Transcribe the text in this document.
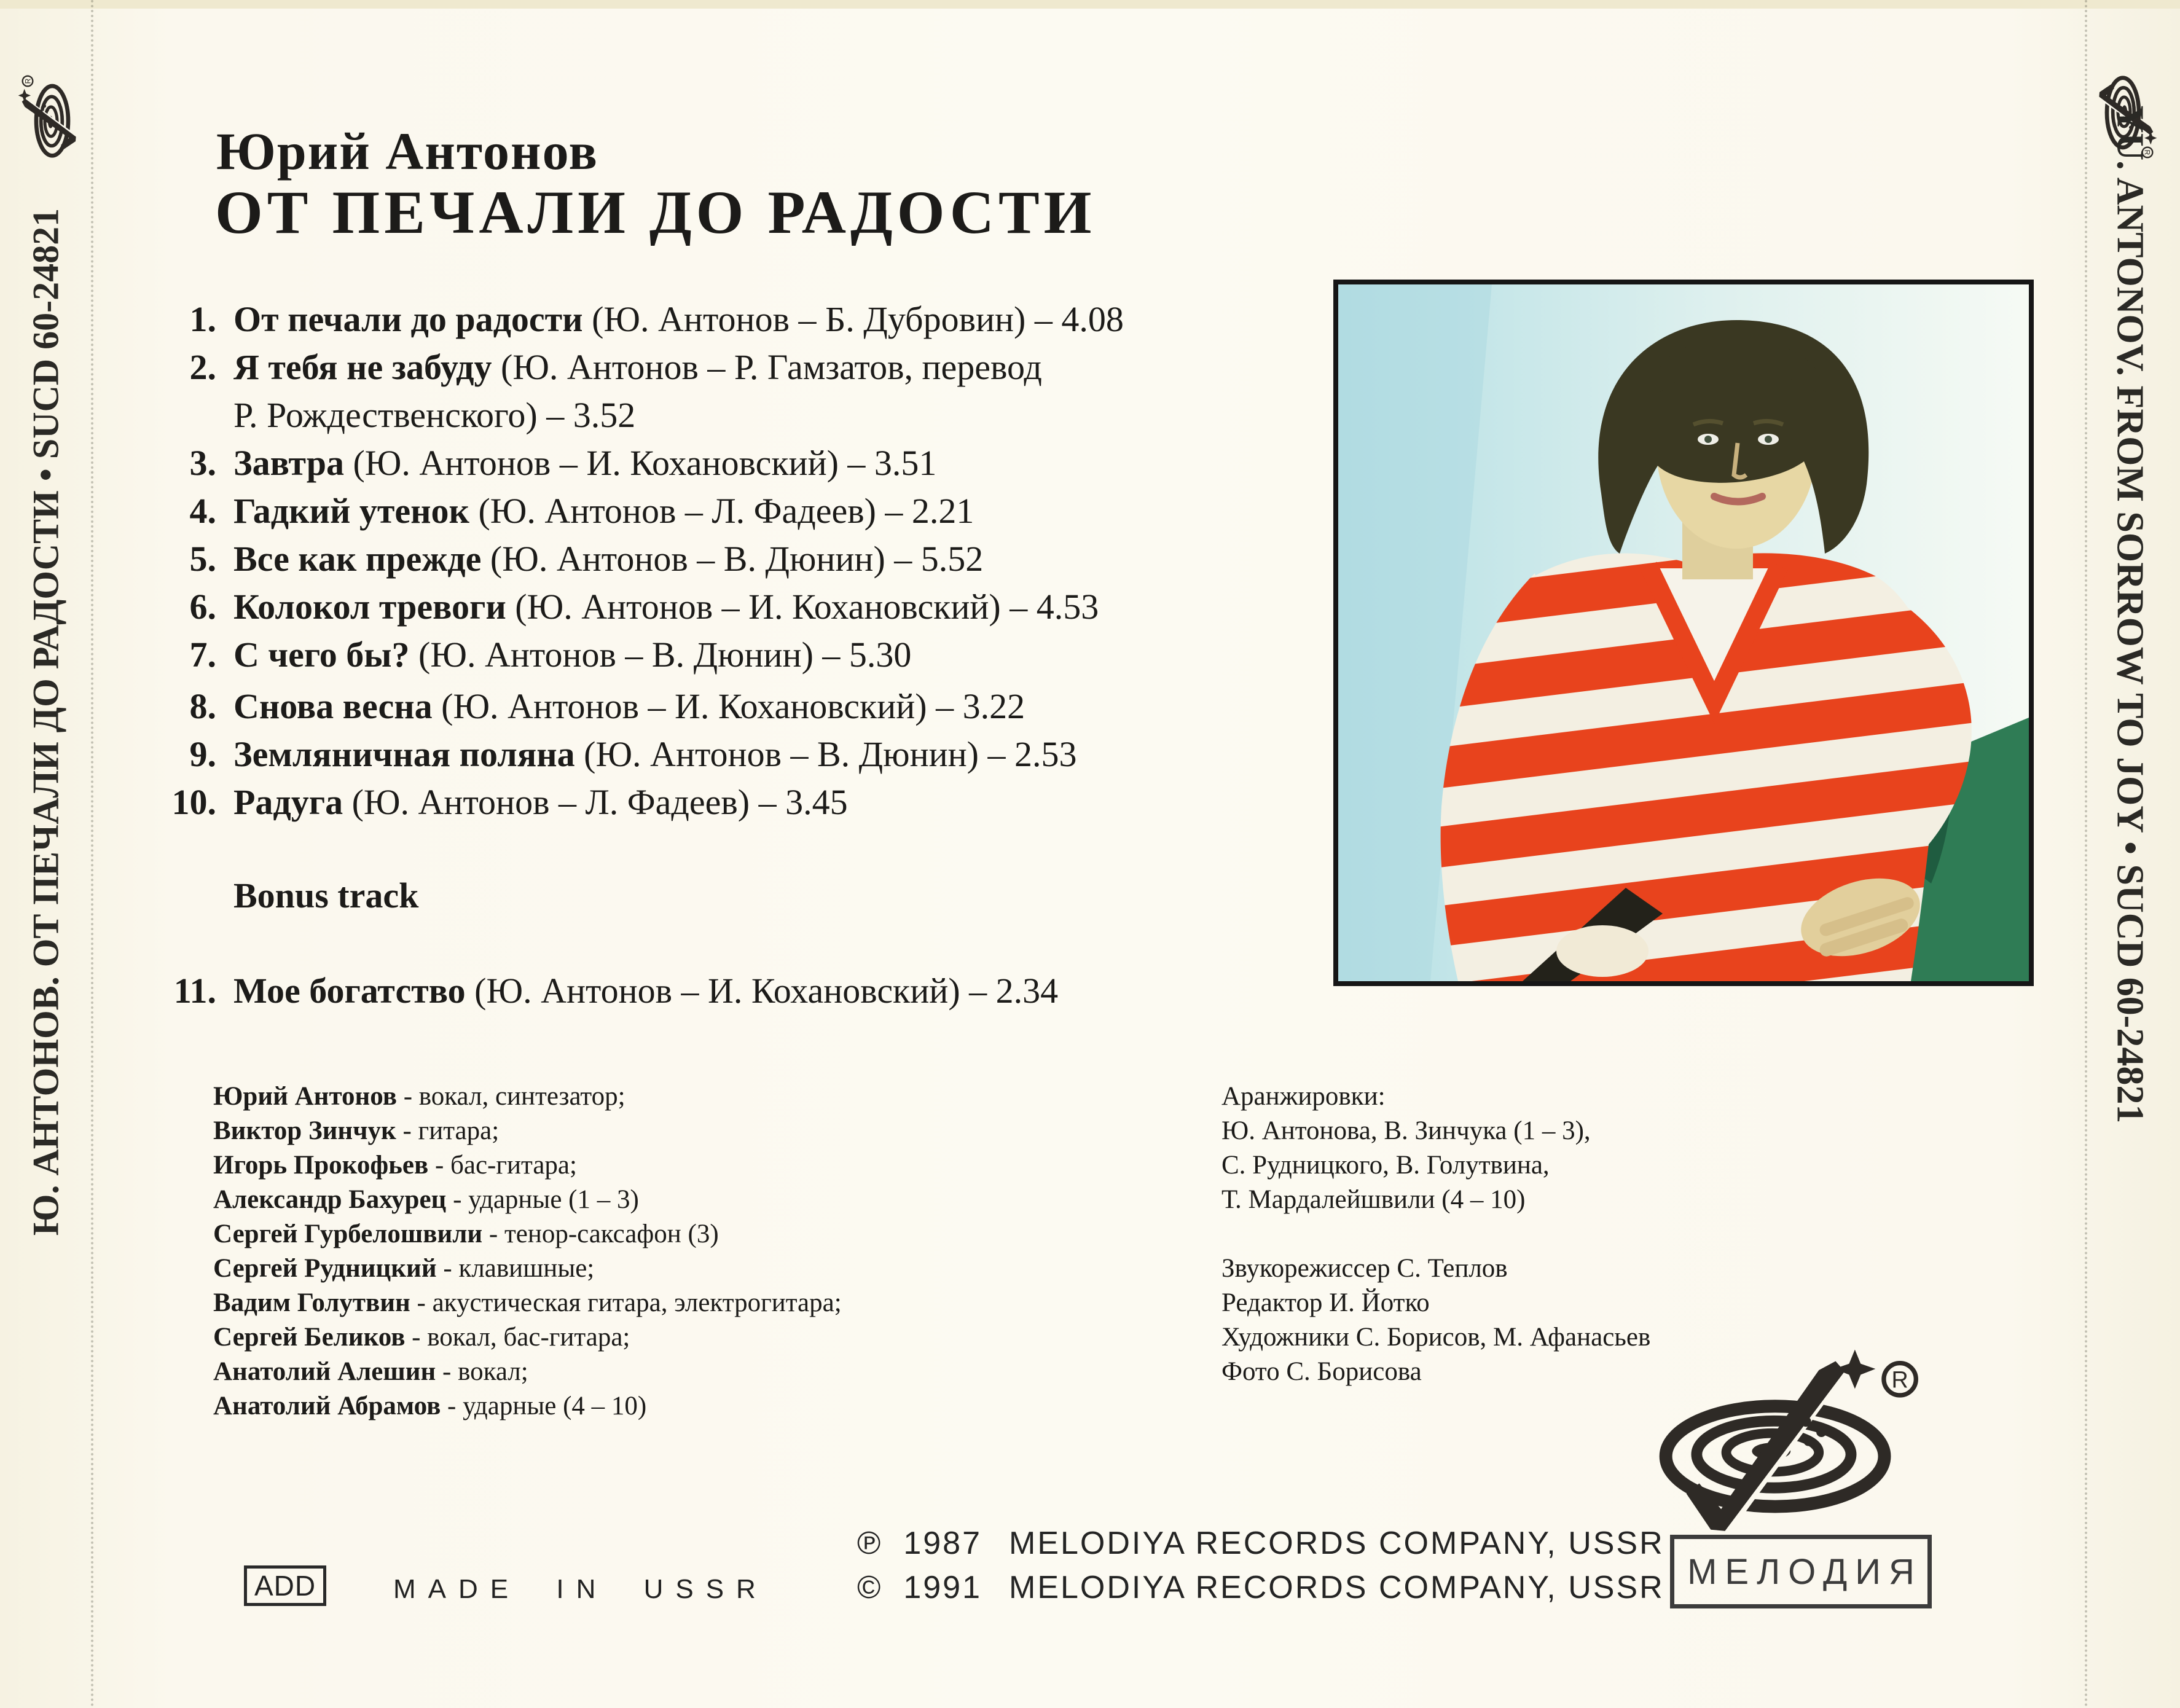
Ю. АНТОНОВ. ОТ ПЕЧАЛИ ДО РАДОСТИ • SUCD 60-24821	YU. ANTONOV. FROM SORROW TO JOY • SUCD 60-24821
Юрий Антонов
ОТ ПЕЧАЛИ ДО РАДОСТИ
1. От печали до радости (Ю. Антонов – Б. Дубровин) – 4.08
2. Я тебя не забуду (Ю. Антонов – Р. Гамзатов, перевод
Р. Рождественского) – 3.52
3. Завтра (Ю. Антонов – И. Кохановский) – 3.51
4. Гадкий утенок (Ю. Антонов – Л. Фадеев) – 2.21
5. Все как прежде (Ю. Антонов – В. Дюнин) – 5.52
6. Колокол тревоги (Ю. Антонов – И. Кохановский) – 4.53
7. С чего бы? (Ю. Антонов – В. Дюнин) – 5.30
8. Снова весна (Ю. Антонов – И. Кохановский) – 3.22
9. Земляничная поляна (Ю. Антонов – В. Дюнин) – 2.53
10. Радуга (Ю. Антонов – Л. Фадеев) – 3.45
Bonus track
11. Мое богатство (Ю. Антонов – И. Кохановский) – 2.34
Юрий Антонов - вокал, синтезатор;
Виктор Зинчук - гитара;
Игорь Прокофьев - бас-гитара;
Александр Бахурец - ударные (1 – 3)
Сергей Гурбелошвили - тенор-саксафон (3)
Сергей Рудницкий - клавишные;
Вадим Голутвин - акустическая гитара, электрогитара;
Сергей Беликов - вокал, бас-гитара;
Анатолий Алешин - вокал;
Анатолий Абрамов - ударные (4 – 10)
Аранжировки:
Ю. Антонова, В. Зинчука (1 – 3),
С. Рудницкого, В. Голутвина,
Т. Мардалейшвили (4 – 10)
Звукорежиссер С. Теплов
Редактор И. Йотко
Художники С. Борисов, М. Афанасьев
Фото С. Борисова
ADD	MADE IN USSR
℗ 1987 MELODIYA RECORDS COMPANY, USSR
© 1991 MELODIYA RECORDS COMPANY, USSR МЕЛОДИЯ
